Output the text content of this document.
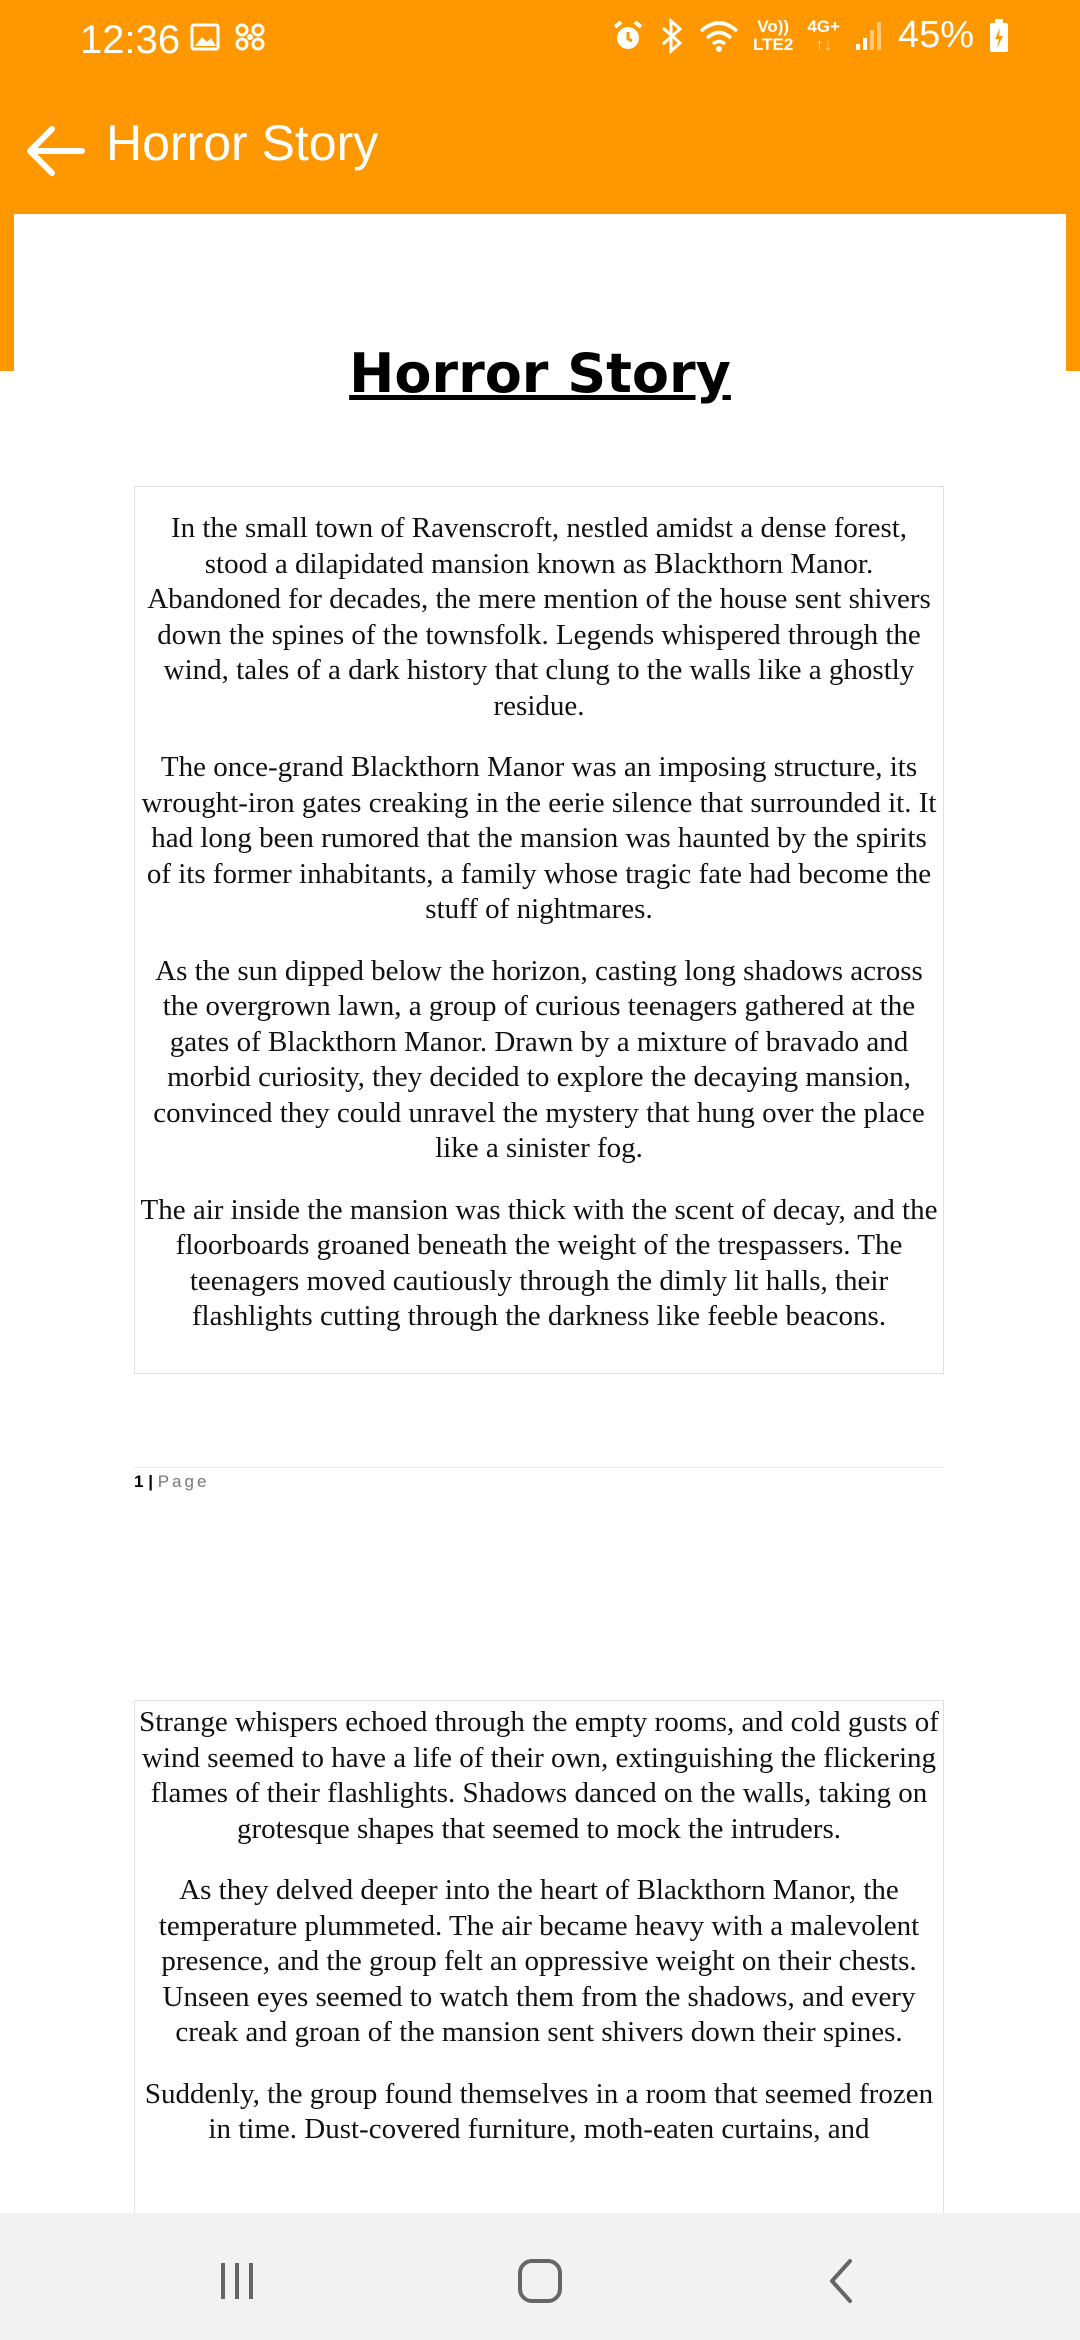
12:36	Vo))
LTE2
4G+
↑↓ 45%
Horror Story
Horror Story

In the small town of Ravenscroft, nestled amidst a dense forest, stood a dilapidated mansion known as Blackthorn Manor. Abandoned for decades, the mere mention of the house sent shivers down the spines of the townsfolk. Legends whispered through the wind, tales of a dark history that clung to the walls like a ghostly residue.

The once-grand Blackthorn Manor was an imposing structure, its wrought-iron gates creaking in the eerie silence that surrounded it. It had long been rumored that the mansion was haunted by the spirits of its former inhabitants, a family whose tragic fate had become the stuff of nightmares.

As the sun dipped below the horizon, casting long shadows across the overgrown lawn, a group of curious teenagers gathered at the gates of Blackthorn Manor. Drawn by a mixture of bravado and morbid curiosity, they decided to explore the decaying mansion, convinced they could unravel the mystery that hung over the place like a sinister fog.

The air inside the mansion was thick with the scent of decay, and the floorboards groaned beneath the weight of the trespassers. The teenagers moved cautiously through the dimly lit halls, their flashlights cutting through the darkness like feeble beacons.

1 | Page

Strange whispers echoed through the empty rooms, and cold gusts of wind seemed to have a life of their own, extinguishing the flickering flames of their flashlights. Shadows danced on the walls, taking on grotesque shapes that seemed to mock the intruders.

As they delved deeper into the heart of Blackthorn Manor, the temperature plummeted. The air became heavy with a malevolent presence, and the group felt an oppressive weight on their chests. Unseen eyes seemed to watch them from the shadows, and every creak and groan of the mansion sent shivers down their spines.

Suddenly, the group found themselves in a room that seemed frozen in time. Dust-covered furniture, moth-eaten curtains, and
